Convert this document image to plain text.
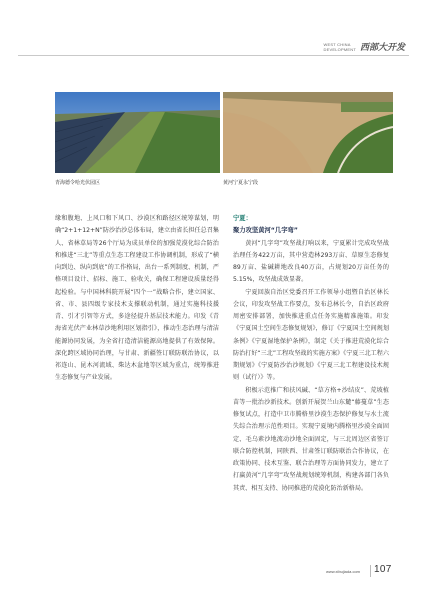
WEST CHINA
DEVELOPMENT 西部大开发
青海德令哈光伏园区	黄河宁夏永宁段

缘和腹地、上风口和下风口、沙漠区和路径区统筹谋划，明确“2+1+12+N”防沙治沙总体布局，建立由省长担任总召集人、省林草局等26个厅局为成员单位的加强荒漠化综合防治和推进“三北”等重点生态工程建设工作协调机制，形成了“横向到边、纵向到底”的工作格局，出台一系列制度、机制，严格项目设计、招标、施工、验收关，确保工程建设质量经得起检验。与中国林科院开展“四个一”战略合作，建立国家、省、市、县四级专家技术支撑联动机制，通过实施科技援青、引才引智等方式，多途径提升基层技术能力。印发《青海省光伏产业林草沙地利用区划指引》，推动生态治理与清洁能源协同发展，为全省打造清洁能源高地提供了有效保障。深化跨区域协同治理，与甘肃、新疆签订联防联治协议，以祁连山、昆木河流域、柴达木盆地等区域为重点，统筹推进生态修复与产业发展。

宁夏：
聚力攻坚黄河“几字弯”

黄河“几字弯”攻坚战打响以来，宁夏累计完成攻坚战治理任务422万亩，其中营造林293万亩、草原生态修复89万亩、盐碱耕地改良40万亩，占规划20万亩任务的5.15%，攻坚战成效显著。

宁夏回族自治区党委召开工作领导小组暨自治区林长会议，印发攻坚战工作要点，发布总林长令，自治区政府周密安排部署，加快推进重点任务实施精准施策。印发《宁夏国土空间生态修复规划》，修订《宁夏国土空间规划条例》《宁夏湿地保护条例》，制定《关于推进荒漠化综合防治打好“三北”工程攻坚战的实施方案》《宁夏三北工程六期规划》《宁夏防沙治沙规划》《宁夏三北工程建设技术规则（试行）》等。

积极示范推广和扶风碱、“草方格+沙结皮”、荒坡植苗等一批治沙新技术。创新开展贺兰山东麓“藤蔓草”生态修复试点，打造中卫市腾格里沙漠生态保护修复与水土流失综合治理示范性项目。实现宁夏境内腾格里沙漠全面固定、毛乌素沙地流动沙地全面固定，与三北周边区省签订联合防控机制，同陕西、甘肃签订联防联治合作协议，在政策协同、技术互鉴、联合治理等方面协同发力，建立了打赢黄河“几字弯”攻坚战规划统筹机制，构建各部门各负其责、相互支持、协同推进的荒漠化防治新格局。

www.xibujiada.com 107
